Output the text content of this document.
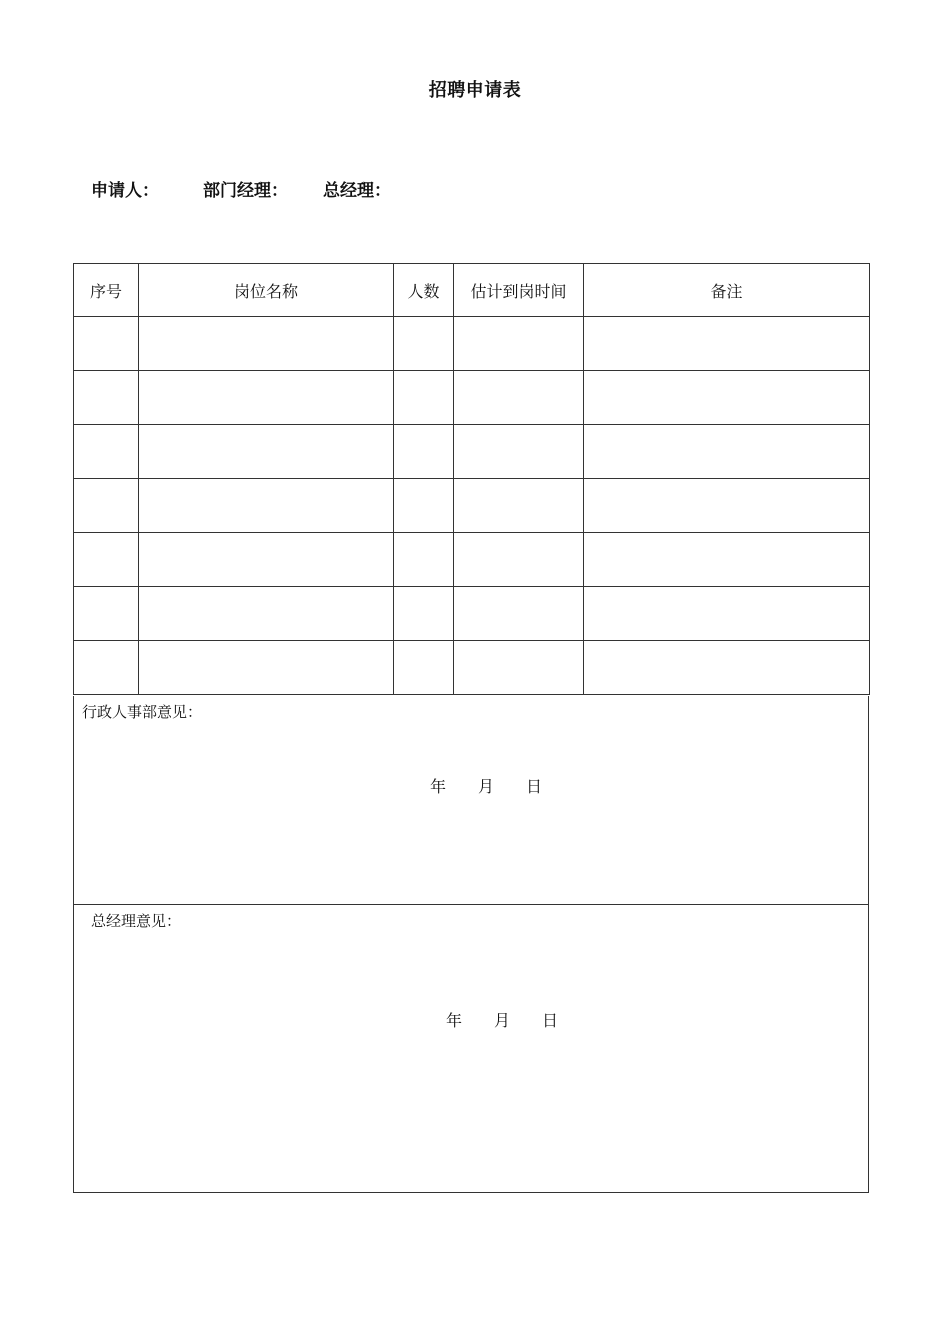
招聘申请表
申请人：	部门经理： 总经理：
序号	岗位名称	人数	估计到岗时间	备注

行政人事部意见：
年 月 日
总经理意见：
年 月 日
